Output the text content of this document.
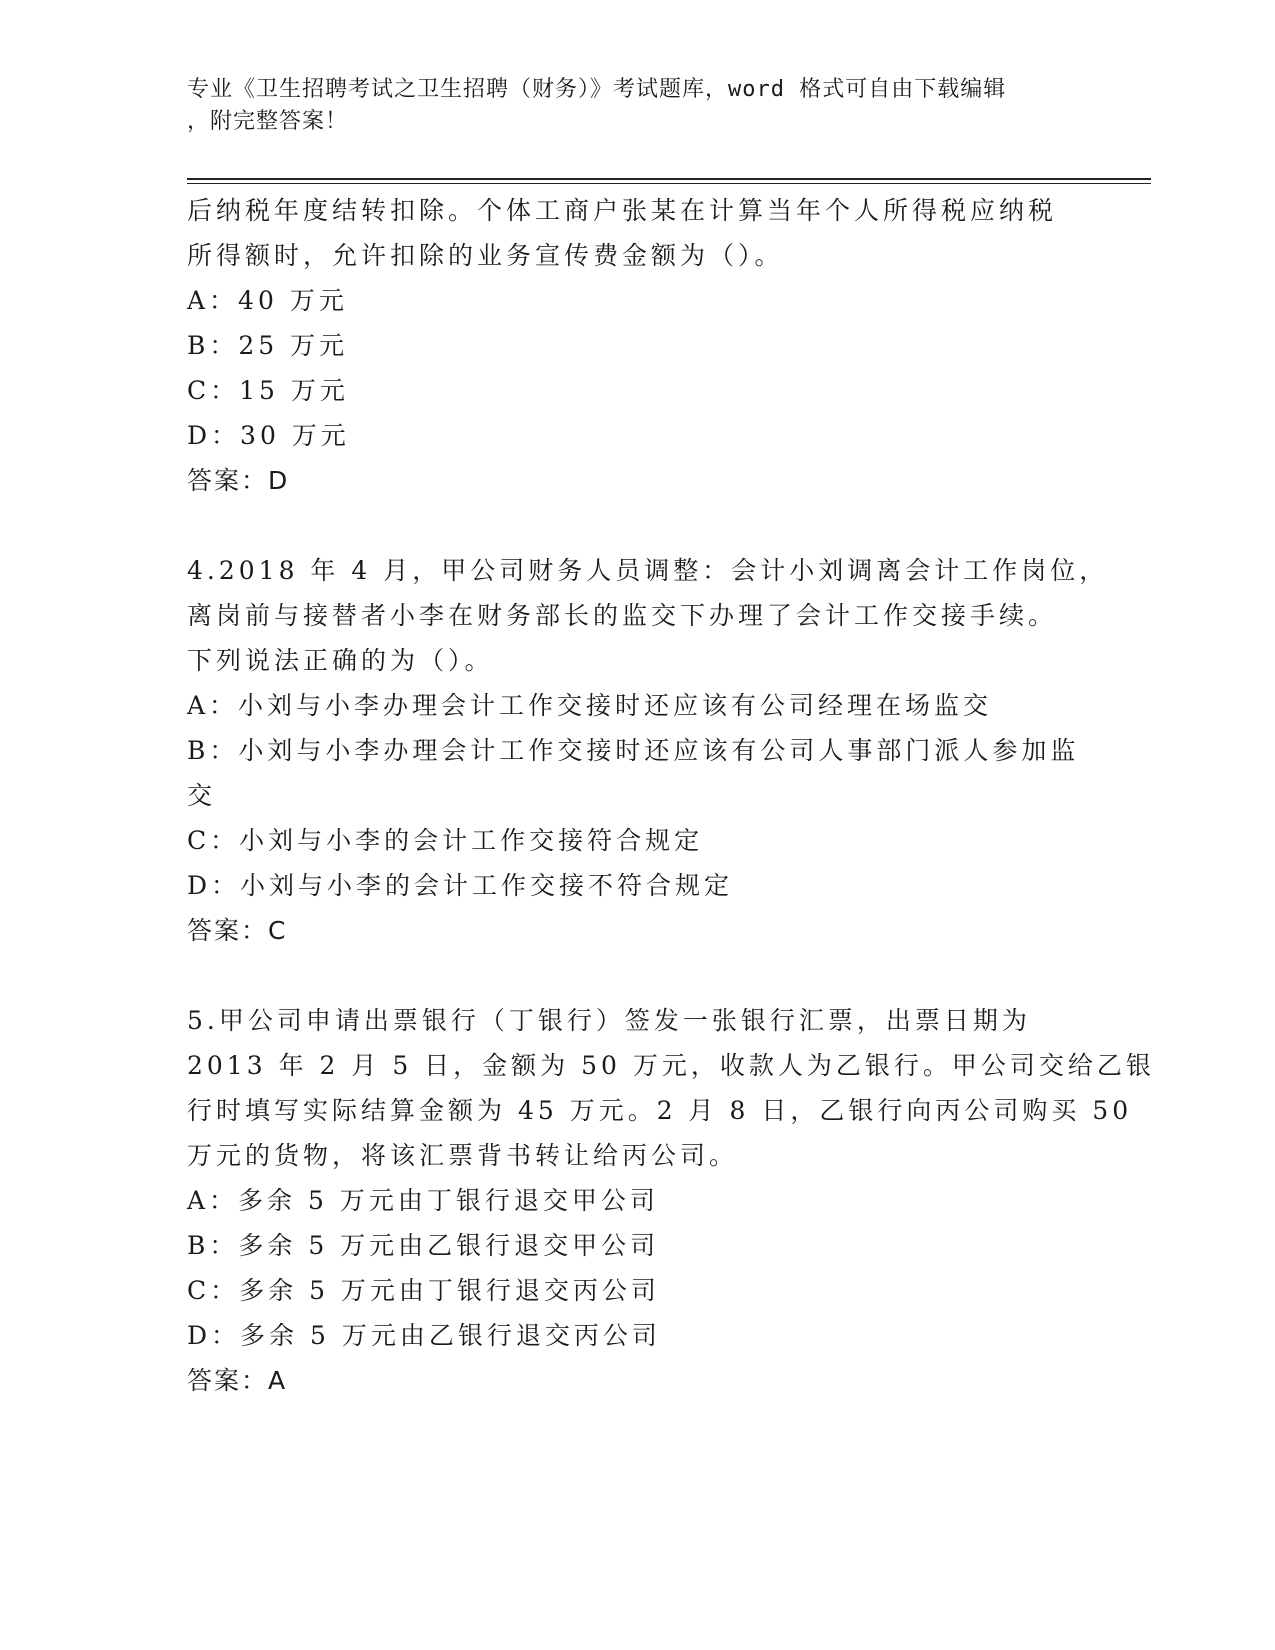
专业《卫生招聘考试之卫生招聘（财务）》考试题库，word 格式可自由下载编辑
，附完整答案！
后纳税年度结转扣除。个体工商户张某在计算当年个人所得税应纳税
所得额时，允许扣除的业务宣传费金额为（）。
A：40 万元
B：25 万元
C：15 万元
D：30 万元
答案：D
4.2018 年 4 月，甲公司财务人员调整：会计小刘调离会计工作岗位，
离岗前与接替者小李在财务部长的监交下办理了会计工作交接手续。
下列说法正确的为（）。
A：小刘与小李办理会计工作交接时还应该有公司经理在场监交
B：小刘与小李办理会计工作交接时还应该有公司人事部门派人参加监
交
C：小刘与小李的会计工作交接符合规定
D：小刘与小李的会计工作交接不符合规定
答案：C
5.甲公司申请出票银行（丁银行）签发一张银行汇票，出票日期为
2013 年 2 月 5 日，金额为 50 万元，收款人为乙银行。甲公司交给乙银
行时填写实际结算金额为 45 万元。2 月 8 日，乙银行向丙公司购买 50
万元的货物，将该汇票背书转让给丙公司。
A：多余 5 万元由丁银行退交甲公司
B：多余 5 万元由乙银行退交甲公司
C：多余 5 万元由丁银行退交丙公司
D：多余 5 万元由乙银行退交丙公司
答案：A
